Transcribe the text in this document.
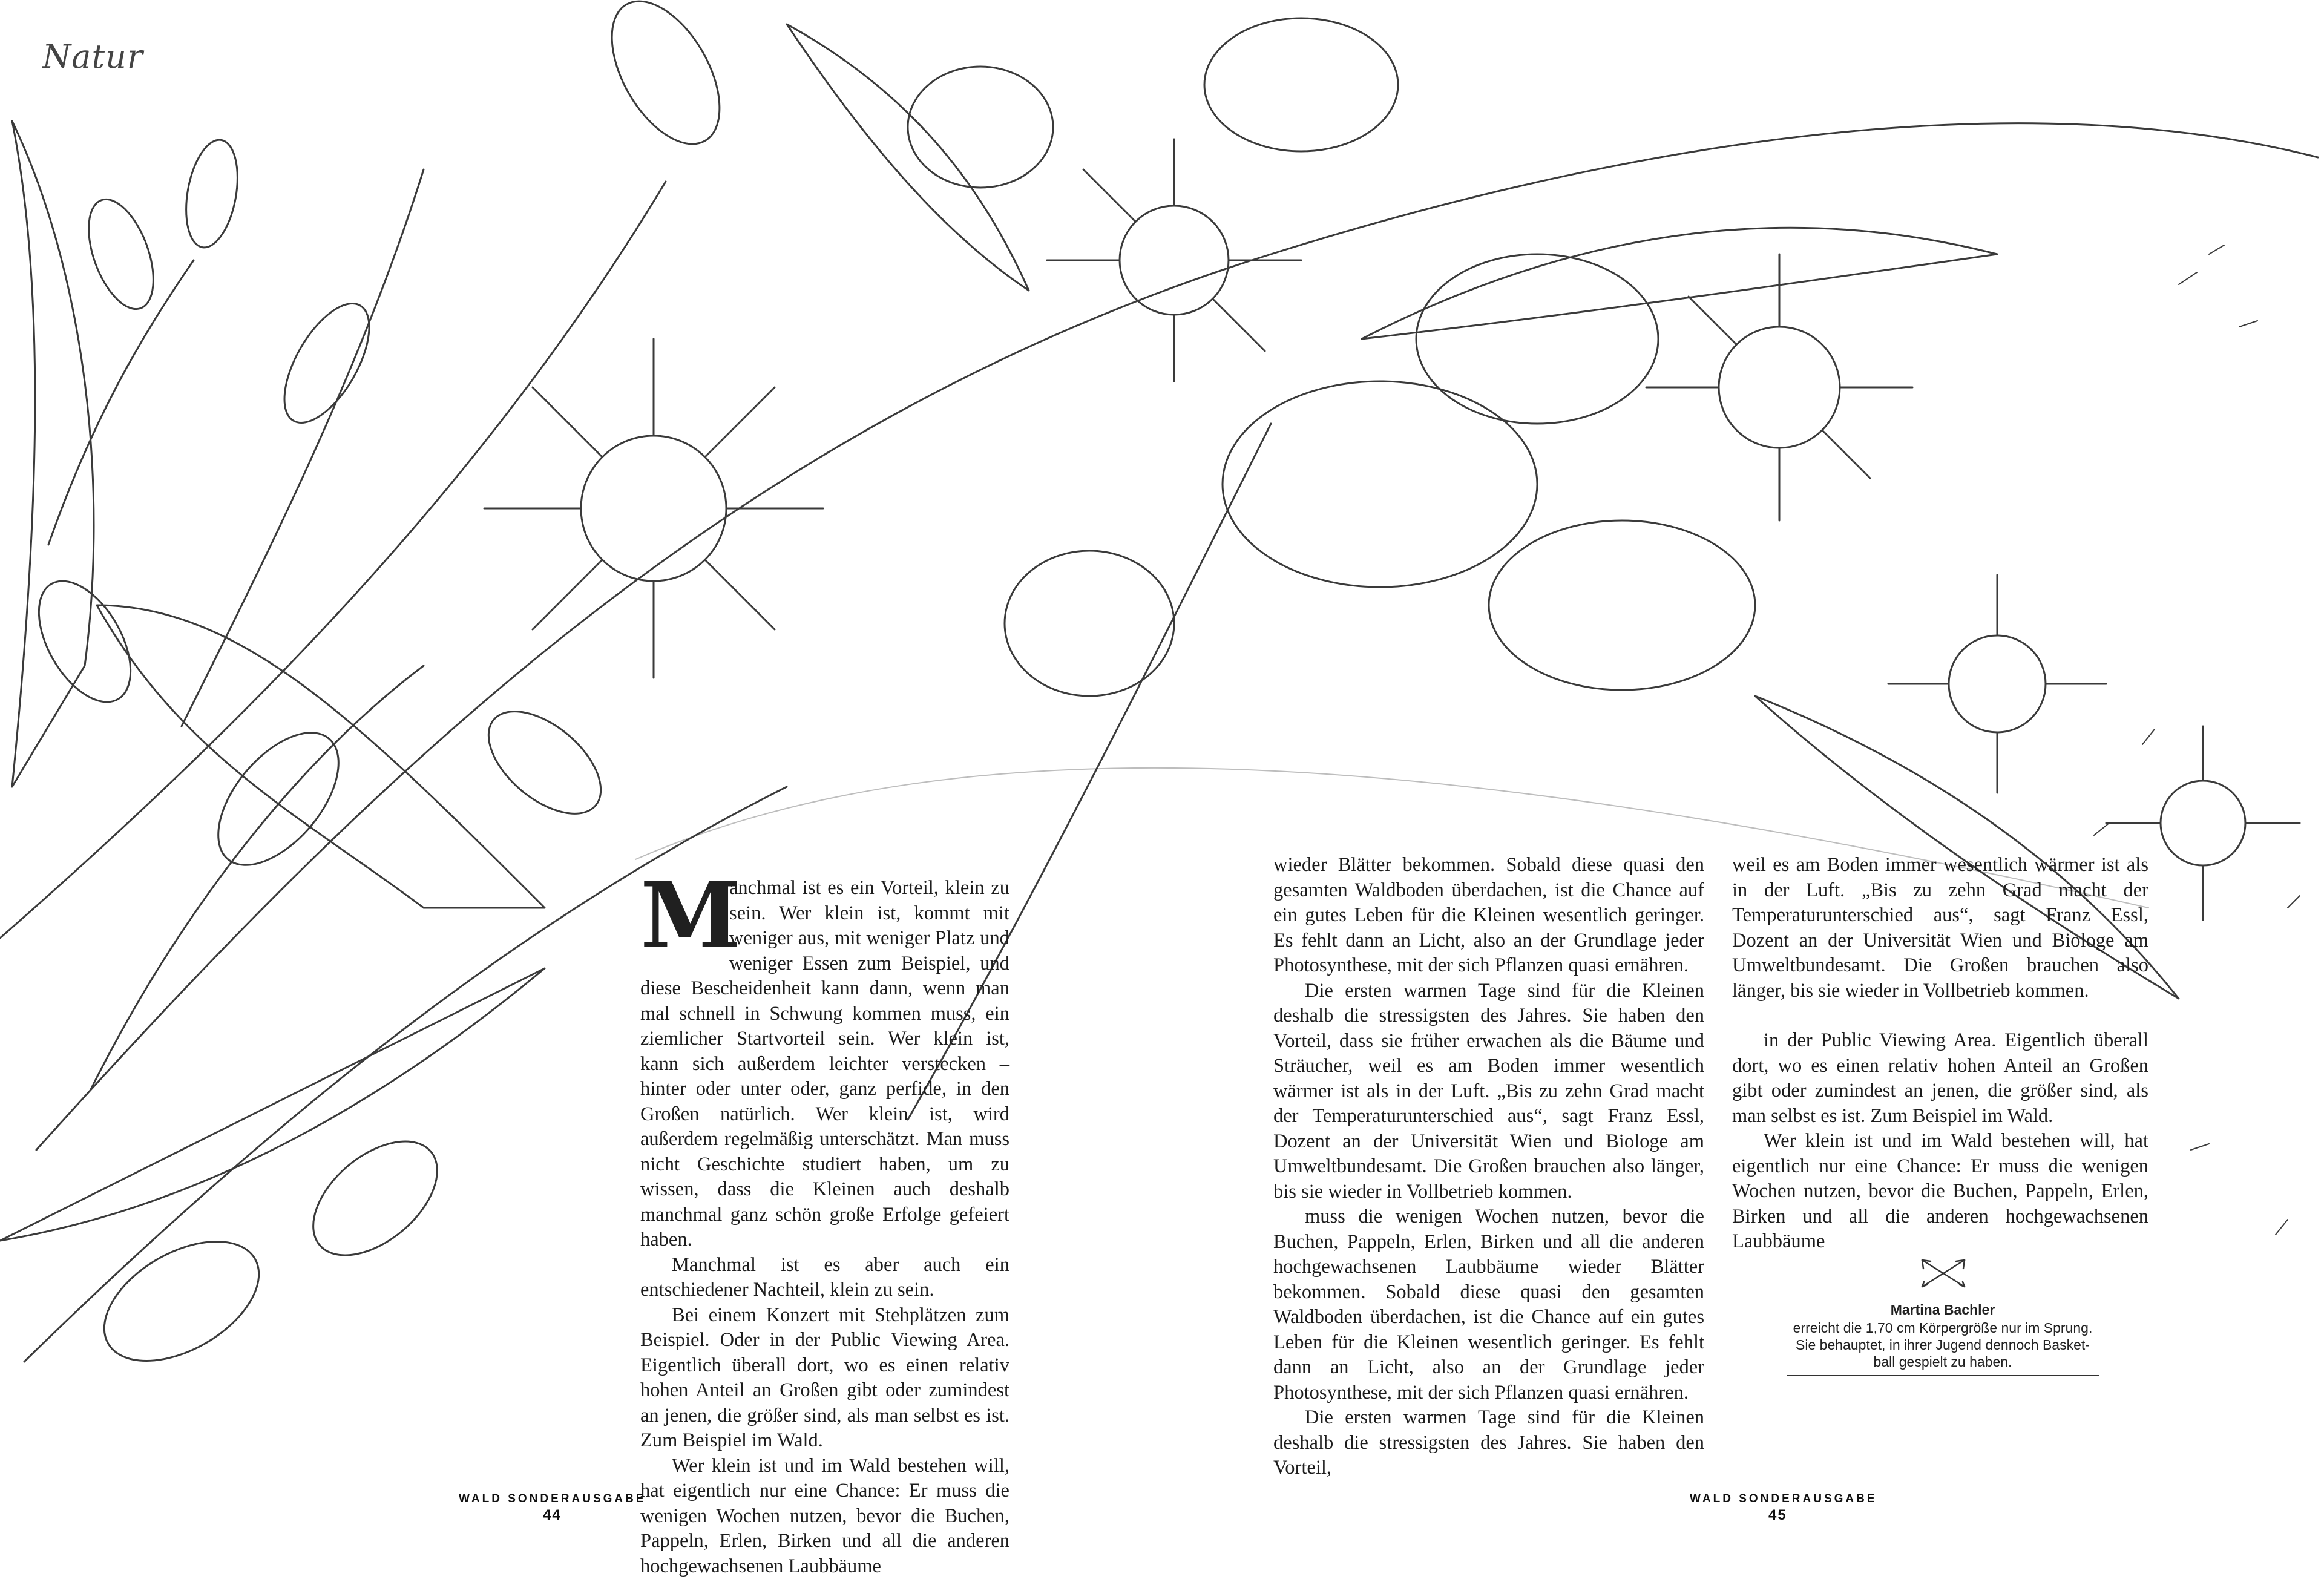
Natur

M
anchmal ist es ein Vorteil, klein zu sein. Wer klein ist, kommt mit weniger aus, mit weniger Platz und weniger Essen zum Beispiel, und diese Bescheidenheit kann dann, wenn man mal schnell in Schwung kommen muss, ein ziemlicher Startvorteil sein. Wer klein ist, kann sich außerdem leichter verstecken – hinter oder unter oder, ganz perfide, in den Großen natürlich. Wer klein ist, wird außerdem regelmäßig unterschätzt. Man muss nicht Geschichte studiert haben, um zu wissen, dass die Kleinen auch deshalb manchmal ganz schön große Erfolge gefeiert haben.

Manchmal ist es aber auch ein entschiedener Nachteil, klein zu sein.

Bei einem Konzert mit Stehplätzen zum Beispiel. Oder in der Public Viewing Area. Eigentlich überall dort, wo es einen relativ hohen Anteil an Großen gibt oder zumindest an jenen, die größer sind, als man selbst es ist. Zum Beispiel im Wald.

Wer klein ist und im Wald bestehen will, hat eigentlich nur eine Chance: Er muss die wenigen Wochen nutzen, bevor die Buchen, Pappeln, Erlen, Birken und all die anderen hochgewachsenen Laubbäume

wieder Blätter bekommen. Sobald diese quasi den gesamten Waldboden überdachen, ist die Chance auf ein gutes Leben für die Kleinen wesentlich geringer. Es fehlt dann an Licht, also an der Grundlage jeder Photosynthese, mit der sich Pflanzen quasi ernähren.

Die ersten warmen Tage sind für die Kleinen deshalb die stressigsten des Jahres. Sie haben den Vorteil, dass sie früher erwachen als die Bäume und Sträucher, weil es am Boden immer wesentlich wärmer ist als in der Luft. „Bis zu zehn Grad macht der Temperaturunterschied aus“, sagt Franz Essl, Dozent an der Universität Wien und Biologe am Umweltbundesamt. Die Großen brauchen also länger, bis sie wieder in Vollbetrieb kommen.

muss die wenigen Wochen nutzen, bevor die Buchen, Pappeln, Erlen, Birken und all die anderen hochgewachsenen Laubbäume wieder Blätter bekommen. Sobald diese quasi den gesamten Waldboden überdachen, ist die Chance auf ein gutes Leben für die Kleinen wesentlich geringer. Es fehlt dann an Licht, also an der Grundlage jeder Photosynthese, mit der sich Pflanzen quasi ernähren.

Die ersten warmen Tage sind für die Kleinen deshalb die stressigsten des Jahres. Sie haben den Vorteil,

weil es am Boden immer wesentlich wärmer ist als in der Luft. „Bis zu zehn Grad macht der Temperaturunterschied aus“, sagt Franz Essl, Dozent an der Universität Wien und Biologe am Umweltbundesamt. Die Großen brauchen also länger, bis sie wieder in Vollbetrieb kommen.

in der Public Viewing Area. Eigentlich überall dort, wo es einen relativ hohen Anteil an Großen gibt oder zumindest an jenen, die größer sind, als man selbst es ist. Zum Beispiel im Wald.

Wer klein ist und im Wald bestehen will, hat eigentlich nur eine Chance: Er muss die wenigen Wochen nutzen, bevor die Buchen, Pappeln, Erlen, Birken und all die anderen hochgewachsenen Laubbäume

Martina Bachler
erreicht die 1,70 cm Körpergröße nur im Sprung.
Sie behauptet, in ihrer Jugend dennoch Basket-
ball gespielt zu haben.
WALD SONDERAUSGABE
44
WALD SONDERAUSGABE
45
